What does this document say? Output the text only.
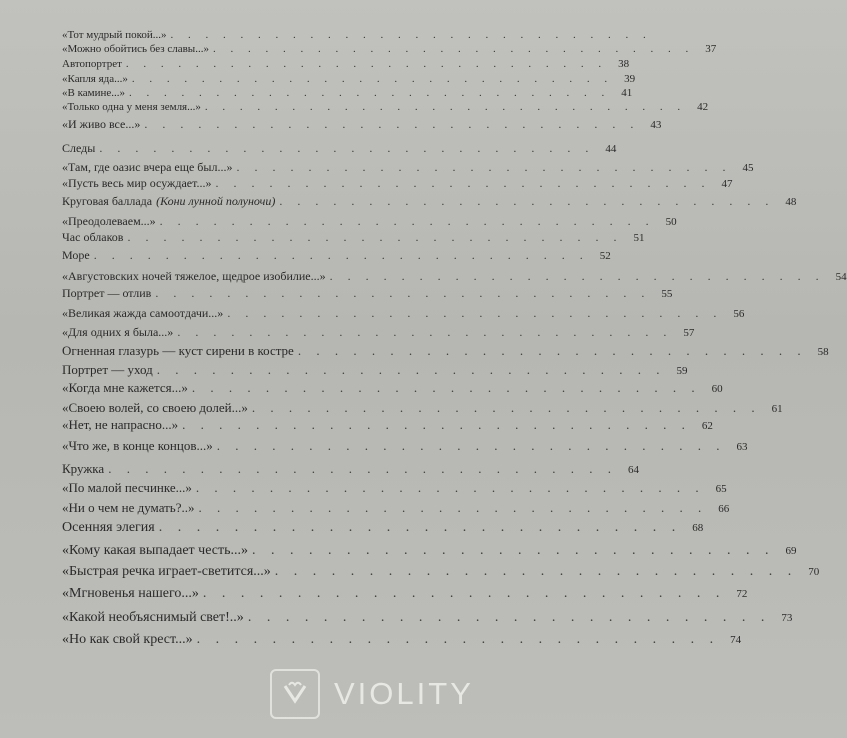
«Тот мудрый покой...» . . . . . . . . . . . . . . . . . . . . . . . . . . . .
«Можно обойтись без славы...» . . . . . . . . . . . . . . . . . . . . . . . . . . . .	37
Автопортрет . . . . . . . . . . . . . . . . . . . . . . . . . . . .	38
«Капля яда...» . . . . . . . . . . . . . . . . . . . . . . . . . . . .	39
«В камине...» . . . . . . . . . . . . . . . . . . . . . . . . . . . .	41
«Только одна у меня земля...» . . . . . . . . . . . . . . . . . . . . . . . . . . . .	42
«И живо все...» . . . . . . . . . . . . . . . . . . . . . . . . . . . .	43
Следы . . . . . . . . . . . . . . . . . . . . . . . . . . . .	44
«Там, где оазис вчера еще был...» . . . . . . . . . . . . . . . . . . . . . . . . . . . .	45
«Пусть весь мир осуждает...» . . . . . . . . . . . . . . . . . . . . . . . . . . . .	47
Круговая баллада (Кони лунной полуночи) . . . . . . . . . . . . . . . . . . . . . . . . . . . .	48
«Преодолеваем...» . . . . . . . . . . . . . . . . . . . . . . . . . . . .	50
Час облаков . . . . . . . . . . . . . . . . . . . . . . . . . . . .	51
Море . . . . . . . . . . . . . . . . . . . . . . . . . . . .	52
«Августовских ночей тяжелое, щедрое изобилие...» . . . . . . . . . . . . . . . . . . . . . . . . . . . .	54
Портрет — отлив . . . . . . . . . . . . . . . . . . . . . . . . . . . .	55
«Великая жажда самоотдачи...» . . . . . . . . . . . . . . . . . . . . . . . . . . . .	56
«Для одних я была...» . . . . . . . . . . . . . . . . . . . . . . . . . . . .	57
Огненная глазурь — куст сирени в костре . . . . . . . . . . . . . . . . . . . . . . . . . . . .	58
Портрет — уход . . . . . . . . . . . . . . . . . . . . . . . . . . . .	59
«Когда мне кажется...» . . . . . . . . . . . . . . . . . . . . . . . . . . . .	60
«Своею волей, со своею долей...» . . . . . . . . . . . . . . . . . . . . . . . . . . . .	61
«Нет, не напрасно...» . . . . . . . . . . . . . . . . . . . . . . . . . . . .	62
«Что же, в конце концов...» . . . . . . . . . . . . . . . . . . . . . . . . . . . .	63
Кружка . . . . . . . . . . . . . . . . . . . . . . . . . . . .	64
«По малой песчинке...» . . . . . . . . . . . . . . . . . . . . . . . . . . . .	65
«Ни о чем не думать?..» . . . . . . . . . . . . . . . . . . . . . . . . . . . .	66
Осенняя элегия . . . . . . . . . . . . . . . . . . . . . . . . . . . .	68
«Кому какая выпадает честь...» . . . . . . . . . . . . . . . . . . . . . . . . . . . .	69
«Быстрая речка играет-светится...» . . . . . . . . . . . . . . . . . . . . . . . . . . . .	70
«Мгновенья нашего...» . . . . . . . . . . . . . . . . . . . . . . . . . . . .	72
«Какой необъяснимый свет!..» . . . . . . . . . . . . . . . . . . . . . . . . . . . .	73
«Но как свой крест...» . . . . . . . . . . . . . . . . . . . . . . . . . . . .	74
VIOLITY
